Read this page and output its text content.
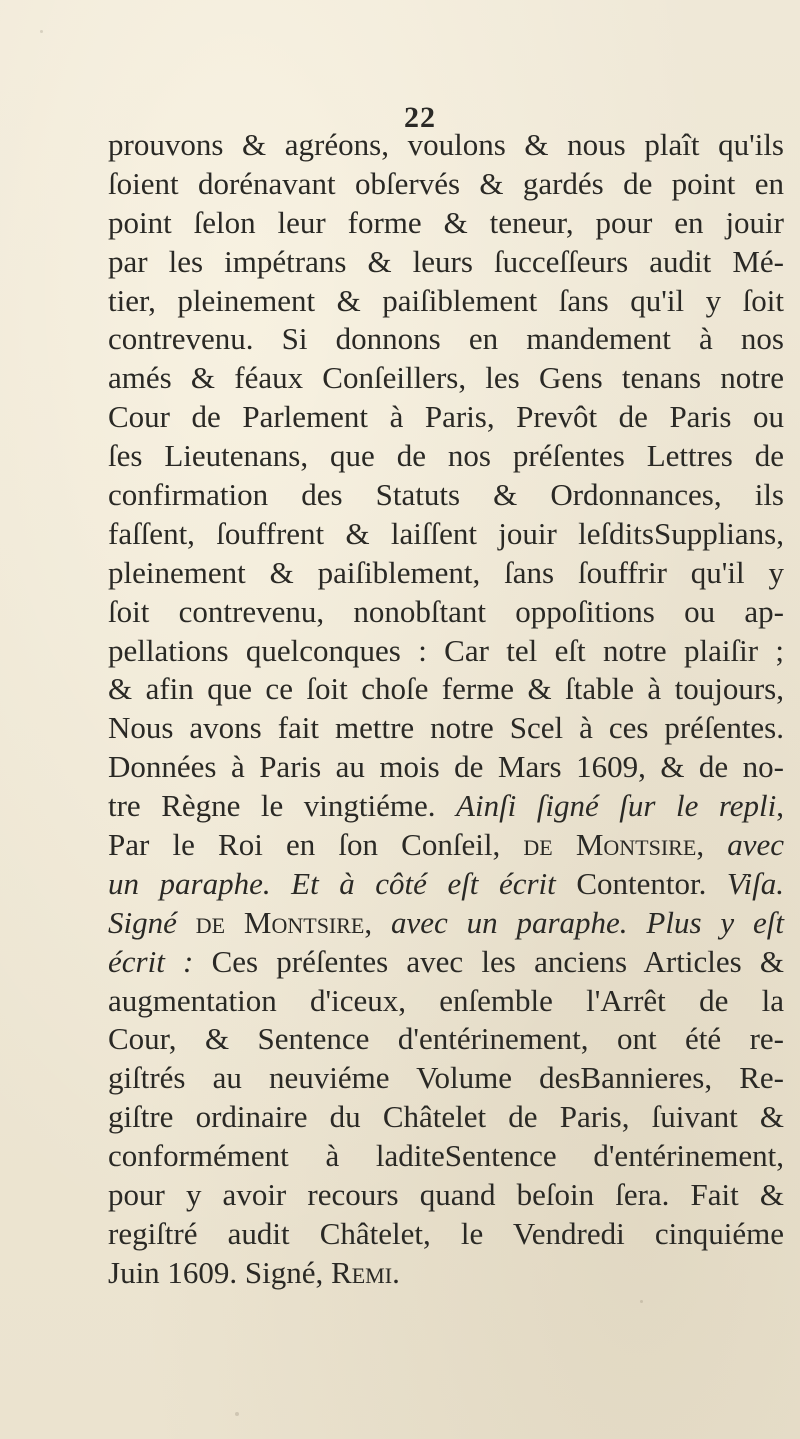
22
prouvons & agréons, voulons & nous plaît qu'ils
ſoient dorénavant obſervés & gardés de point en
point ſelon leur forme & teneur, pour en jouir
par les impétrans & leurs ſucceſſeurs audit Mé-
tier, pleinement & paiſiblement ſans qu'il y ſoit
contrevenu. Si donnons en mandement à nos
amés & féaux Conſeillers, les Gens tenans notre
Cour de Parlement à Paris, Prevôt de Paris ou
ſes Lieutenans, que de nos préſentes Lettres de
confirmation des Statuts & Ordonnances, ils
faſſent, ſouffrent & laiſſent jouir leſditsSupplians,
pleinement & paiſiblement, ſans ſouffrir qu'il y
ſoit contrevenu, nonobſtant oppoſitions ou ap-
pellations quelconques : Car tel eſt notre plaiſir ;
& afin que ce ſoit choſe ferme & ſtable à toujours,
Nous avons fait mettre notre Scel à ces préſentes.
Données à Paris au mois de Mars 1609, & de no-
tre Règne le vingtiéme. Ainſi ſigné ſur le repli,
Par le Roi en ſon Conſeil, de Montsire, avec
un paraphe. Et à côté eſt écrit Contentor. Viſa.
Signé de Montsire, avec un paraphe. Plus y eſt
écrit : Ces préſentes avec les anciens Articles &
augmentation d'iceux, enſemble l'Arrêt de la
Cour, & Sentence d'entérinement, ont été re-
giſtrés au neuviéme Volume desBannieres, Re-
giſtre ordinaire du Châtelet de Paris, ſuivant &
conformément à laditeSentence d'entérinement,
pour y avoir recours quand beſoin ſera. Fait &
regiſtré audit Châtelet, le Vendredi cinquiéme
Juin 1609. Signé, Remi.
